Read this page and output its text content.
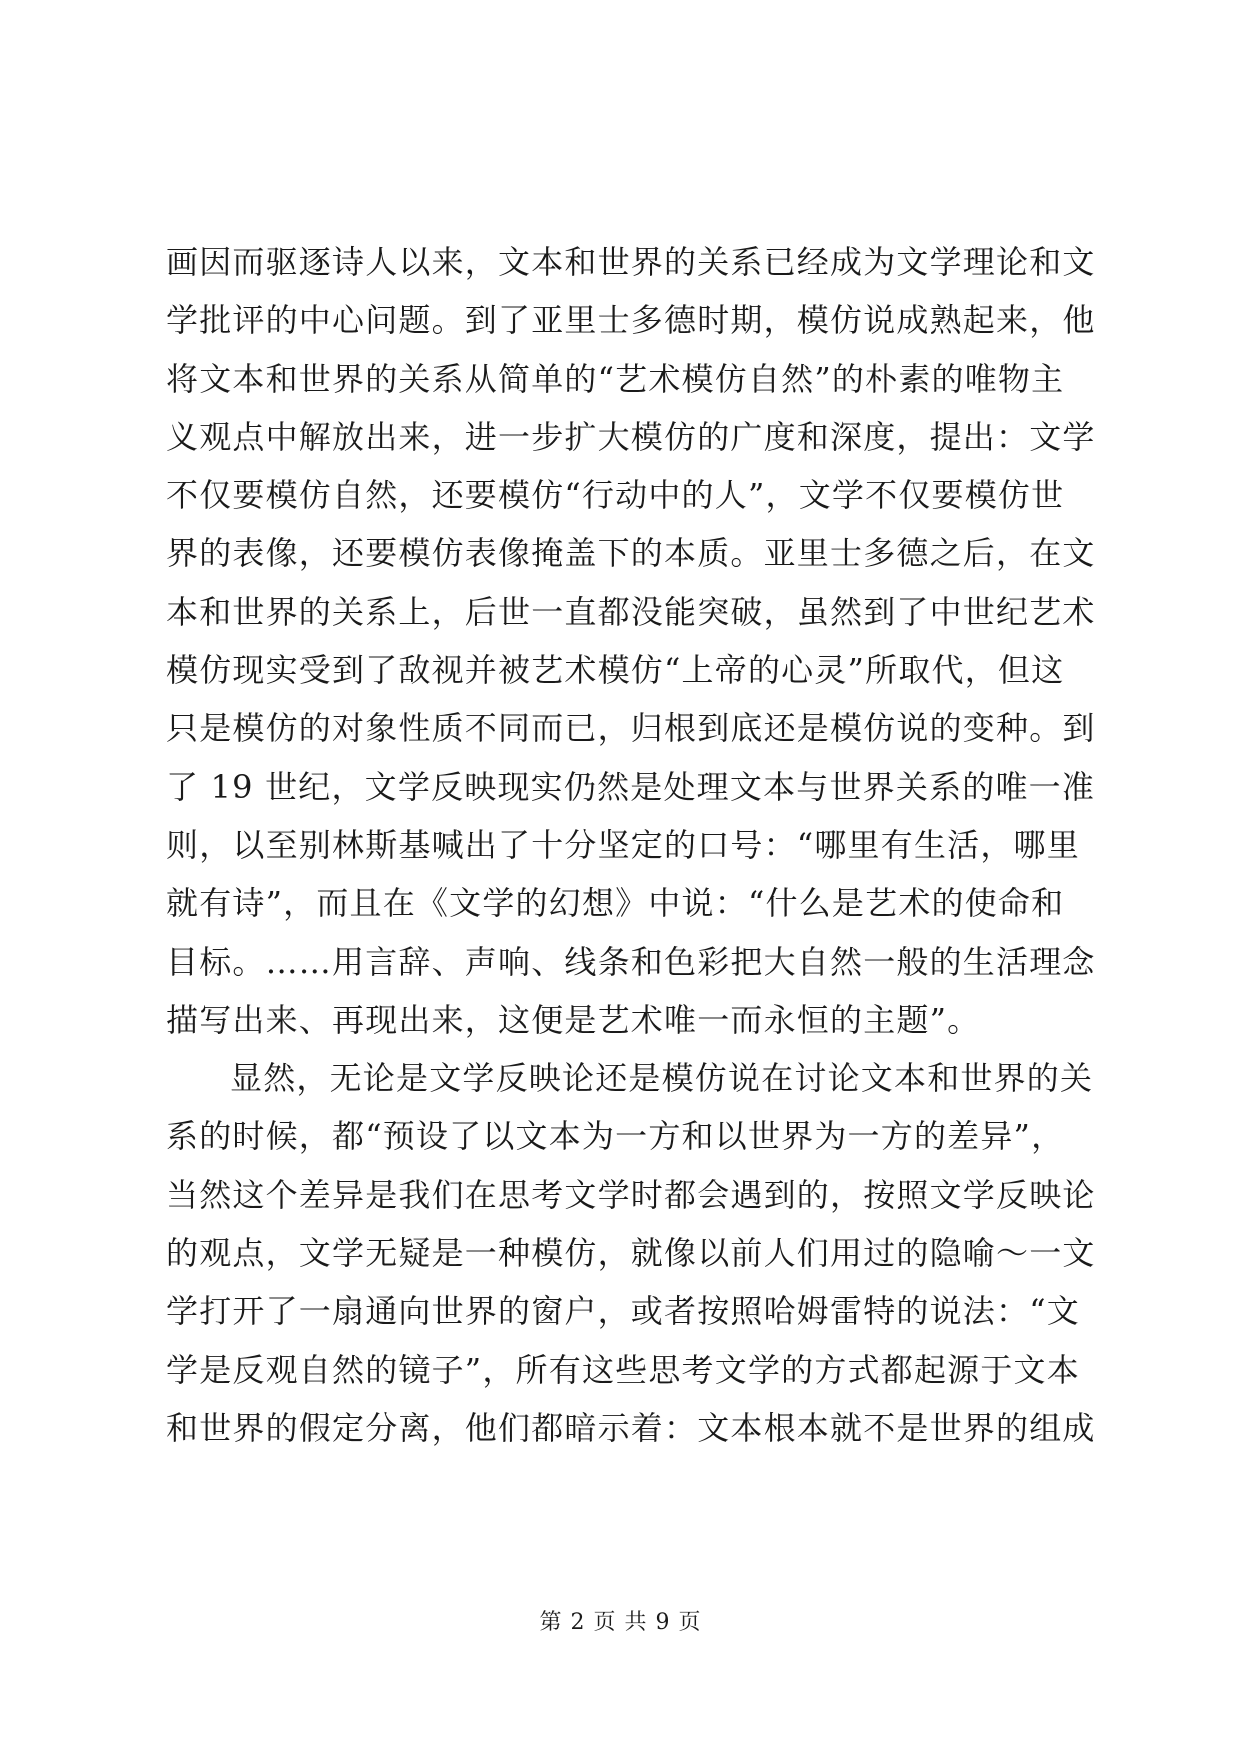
画因而驱逐诗人以来，文本和世界的关系已经成为文学理论和文
学批评的中心问题。到了亚里士多德时期，模仿说成熟起来，他
将文本和世界的关系从简单的“艺术模仿自然”的朴素的唯物主
义观点中解放出来，进一步扩大模仿的广度和深度，提出：文学
不仅要模仿自然，还要模仿“行动中的人”，文学不仅要模仿世
界的表像，还要模仿表像掩盖下的本质。亚里士多德之后，在文
本和世界的关系上，后世一直都没能突破，虽然到了中世纪艺术
模仿现实受到了敌视并被艺术模仿“上帝的心灵”所取代，但这
只是模仿的对象性质不同而已，归根到底还是模仿说的变种。到
了 19 世纪，文学反映现实仍然是处理文本与世界关系的唯一准
则，以至别林斯基喊出了十分坚定的口号：“哪里有生活，哪里
就有诗”，而且在《文学的幻想》中说：“什么是艺术的使命和
目标。……用言辞、声响、线条和色彩把大自然一般的生活理念
描写出来、再现出来，这便是艺术唯一而永恒的主题”。
显然，无论是文学反映论还是模仿说在讨论文本和世界的关
系的时候，都“预设了以文本为一方和以世界为一方的差异”，
当然这个差异是我们在思考文学时都会遇到的，按照文学反映论
的观点，文学无疑是一种模仿，就像以前人们用过的隐喻～一文
学打开了一扇通向世界的窗户，或者按照哈姆雷特的说法：“文
学是反观自然的镜子”，所有这些思考文学的方式都起源于文本
和世界的假定分离，他们都暗示着：文本根本就不是世界的组成
第 2 页 共 9 页
